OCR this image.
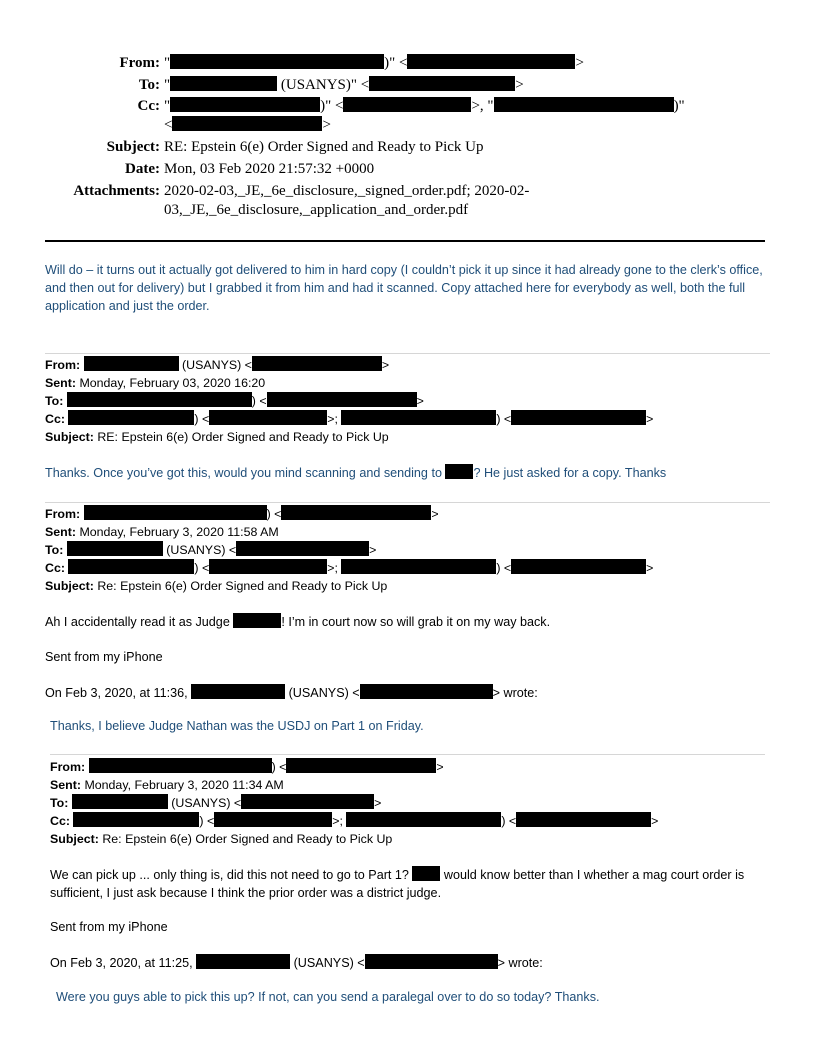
From: "	)" <	>
To: "	(USANYS)" <	>
Cc: "	)" <	>, "	)"
<	>
Subject: RE: Epstein 6(e) Order Signed and Ready to Pick Up
Date: Mon, 03 Feb 2020 21:57:32 +0000
Attachments: 2020-02-03,_JE,_6e_disclosure,_signed_order.pdf; 2020-02-
03,_JE,_6e_disclosure,_application_and_order.pdf
Will do – it turns out it actually got delivered to him in hard copy (I couldn’t pick it up since it had already gone to the clerk’s office, and then out for delivery) but I grabbed it from him and had it scanned. Copy attached here for everybody as well, both the full application and just the order.
From:	(USANYS) <	>
Sent: Monday, February 03, 2020 16:20
To:	) <	>
Cc:	) <	>;	) <	>
Subject: RE: Epstein 6(e) Order Signed and Ready to Pick Up
Thanks. Once you’ve got this, would you mind scanning and sending to ? He just asked for a copy. Thanks
From:	) <	>
Sent: Monday, February 3, 2020 11:58 AM
To:	(USANYS) <	>
Cc:	) <	>;	) <	>
Subject: Re: Epstein 6(e) Order Signed and Ready to Pick Up
Ah I accidentally read it as Judge	! I’m in court now so will grab it on my way back.
Sent from my iPhone
On Feb 3, 2020, at 11:36,	(USANYS) <	> wrote:
Thanks, I believe Judge Nathan was the USDJ on Part 1 on Friday.
From:	) <	>
Sent: Monday, February 3, 2020 11:34 AM
To:	(USANYS) <	>
Cc:	) <	>;	) <	>
Subject: Re: Epstein 6(e) Order Signed and Ready to Pick Up
We can pick up ... only thing is, did this not need to go to Part 1?  would know better than I whether a mag court order is sufficient, I just ask because I think the prior order was a district judge.
Sent from my iPhone
On Feb 3, 2020, at 11:25,	(USANYS) <	> wrote:
Were you guys able to pick this up? If not, can you send a paralegal over to do so today? Thanks.
